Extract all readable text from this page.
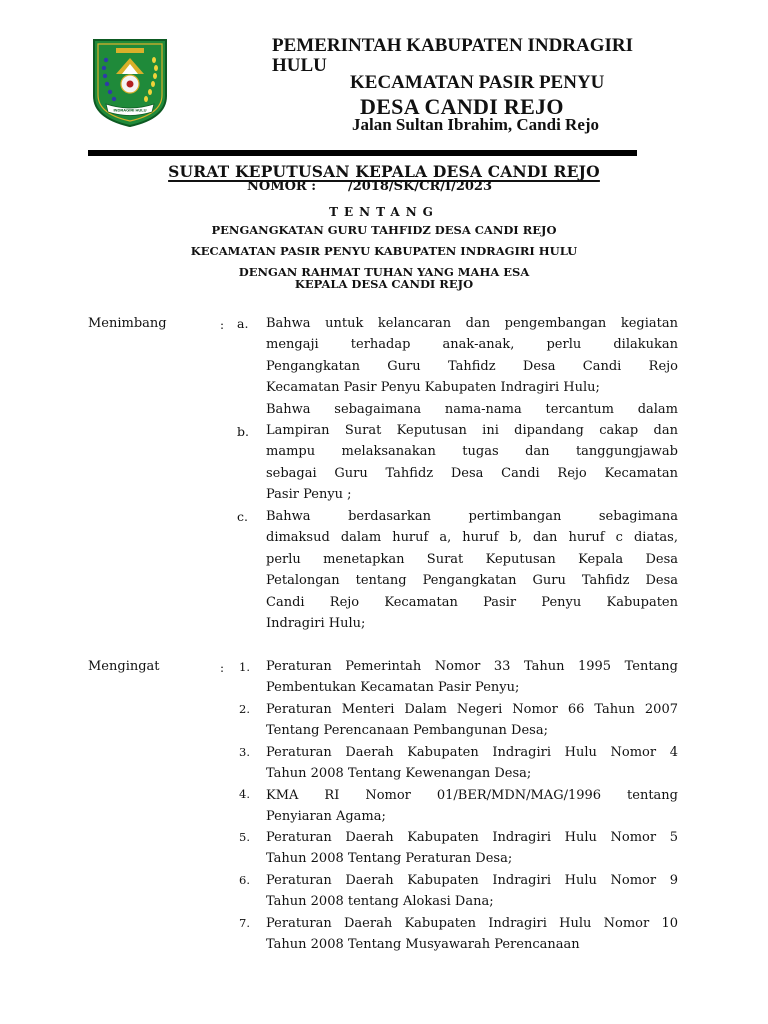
INDRAGIRI HULU
PEMERINTAH KABUPATEN INDRAGIRI HULU
KECAMATAN PASIR PENYU
DESA CANDI REJO
Jalan Sultan Ibrahim, Candi Rejo
SURAT KEPUTUSAN KEPALA DESA CANDI REJO
NOMOR : /2018/SK/CR/I/2023
TENTANG
PENGANGKATAN GURU TAHFIDZ DESA CANDI REJO
KECAMATAN PASIR PENYU KABUPATEN INDRAGIRI HULU
DENGAN RAHMAT TUHAN YANG MAHA ESA
KEPALA DESA CANDI REJO
Menimbang	: a. Bahwa untuk kelancaran dan pengembangan kegiatan
mengaji terhadap anak-anak, perlu dilakukan
Pengangkatan Guru Tahfidz Desa Candi Rejo
Kecamatan Pasir Penyu Kabupaten Indragiri Hulu;
Bahwa sebagaimana nama-nama tercantum dalam
b. Lampiran Surat Keputusan ini dipandang cakap dan
mampu melaksanakan tugas dan tanggungjawab
sebagai Guru Tahfidz Desa Candi Rejo Kecamatan
Pasir Penyu ;
c. Bahwa berdasarkan pertimbangan sebagimana
dimaksud dalam huruf a, huruf b, dan huruf c diatas,
perlu menetapkan Surat Keputusan Kepala Desa
Petalongan tentang Pengangkatan Guru Tahfidz Desa
Candi Rejo Kecamatan Pasir Penyu Kabupaten
Indragiri Hulu;
Mengingat	: 1. Peraturan Pemerintah Nomor 33 Tahun 1995 Tentang
Pembentukan Kecamatan Pasir Penyu;
2. Peraturan Menteri Dalam Negeri Nomor 66 Tahun 2007
Tentang Perencanaan Pembangunan Desa;
3. Peraturan Daerah Kabupaten Indragiri Hulu Nomor 4
Tahun 2008 Tentang Kewenangan Desa;
4. KMA RI Nomor 01/BER/MDN/MAG/1996 tentang
Penyiaran Agama;
5. Peraturan Daerah Kabupaten Indragiri Hulu Nomor 5
Tahun 2008 Tentang Peraturan Desa;
6. Peraturan Daerah Kabupaten Indragiri Hulu Nomor 9
Tahun 2008 tentang Alokasi Dana;
7. Peraturan Daerah Kabupaten Indragiri Hulu Nomor 10
Tahun 2008 Tentang Musyawarah Perencanaan
